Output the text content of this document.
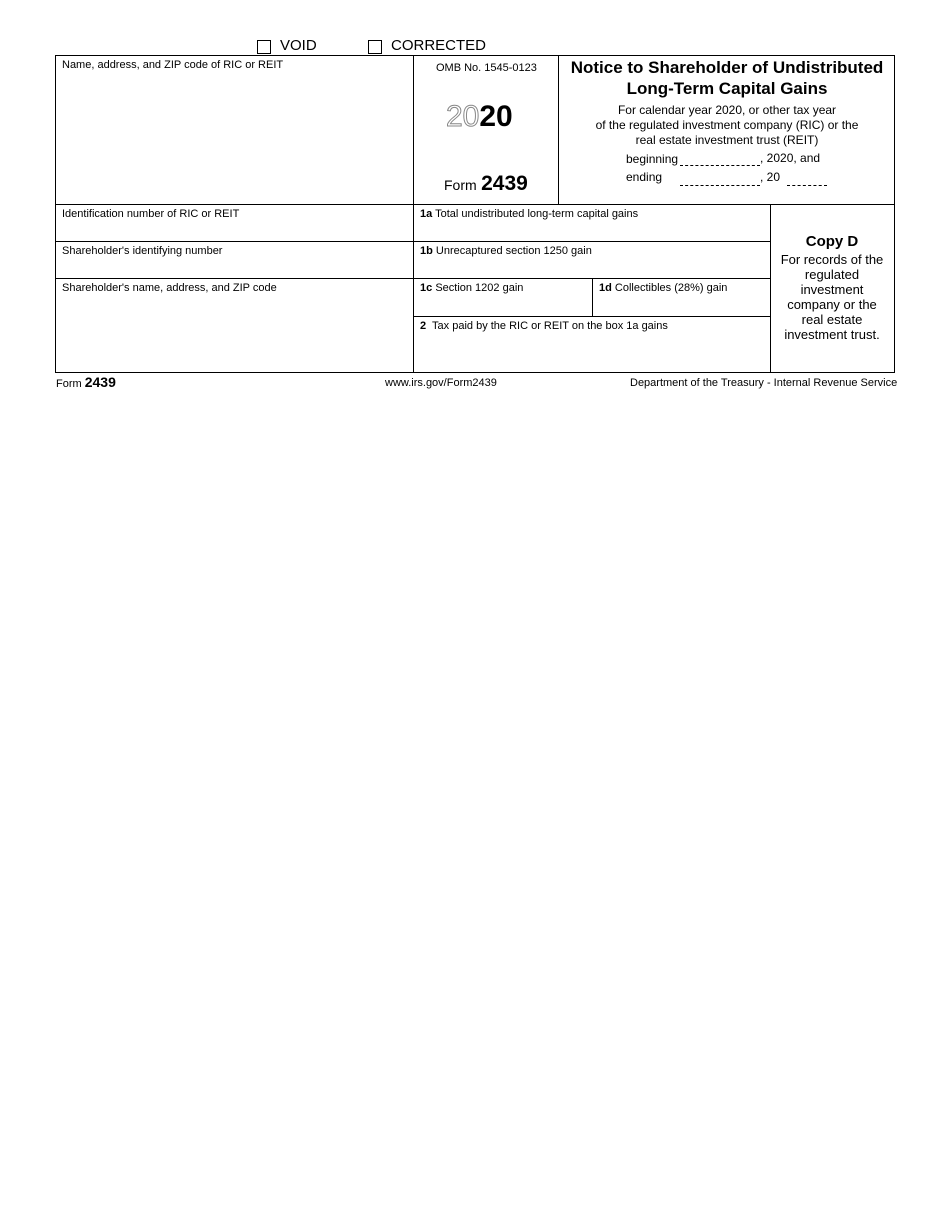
VOID	CORRECTED
Name, address, and ZIP code of RIC or REIT
Identification number of RIC or REIT
Shareholder's identifying number
Shareholder's name, address, and ZIP code
OMB No. 1545-0123
2020
Form 2439
Notice to Shareholder of Undistributed
Long-Term Capital Gains
For calendar year 2020, or other tax year
of the regulated investment company (RIC) or the
real estate investment trust (REIT)
beginning	, 2020, and
ending	, 20
1a Total undistributed long-term capital gains
1b Unrecaptured section 1250 gain
1c Section 1202 gain	1d Collectibles (28%) gain
2 Tax paid by the RIC or REIT on the box 1a gains
Copy D
For records of the
regulated
investment
company or the
real estate
investment trust.
Form 2439	www.irs.gov/Form2439	Department of the Treasury - Internal Revenue Service
